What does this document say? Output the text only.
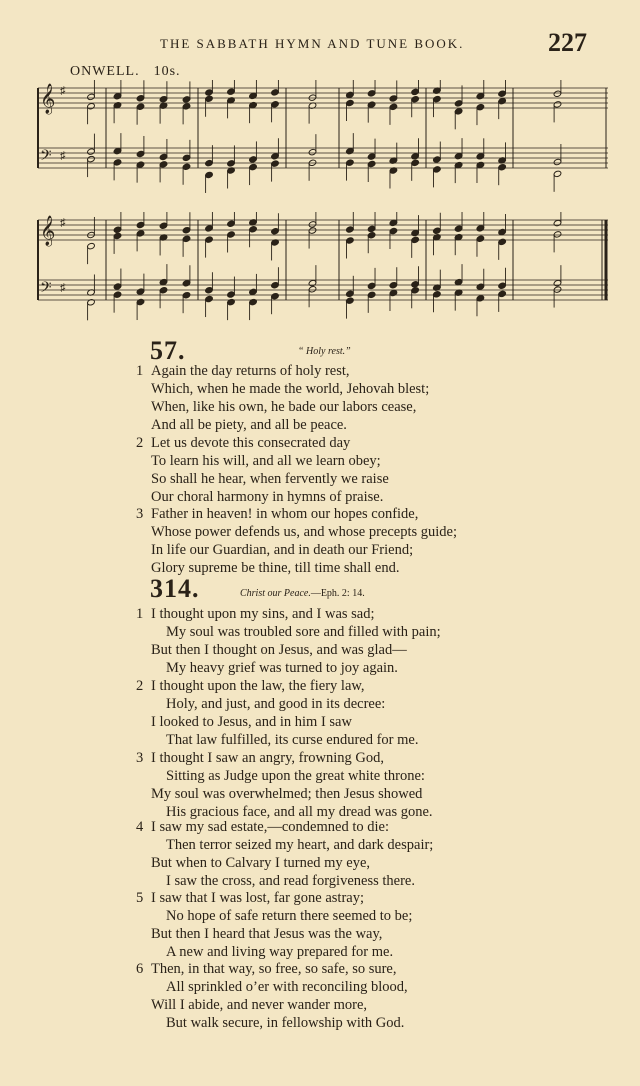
THE SABBATH HYMN AND TUNE BOOK.	227
ONWELL. 10s.
𝄞 ♯
𝄢 ♯
𝄞 ♯
𝄢 ♯
57.	“ Holy rest.”
1 Again the day returns of holy rest,
Which, when he made the world, Jehovah blest;
When, like his own, he bade our labors cease,
And all be piety, and all be peace.
2 Let us devote this consecrated day
To learn his will, and all we learn obey;
So shall he hear, when fervently we raise
Our choral harmony in hymns of praise.
3 Father in heaven! in whom our hopes confide,
Whose power defends us, and whose precepts guide;
In life our Guardian, and in death our Friend;
Glory supreme be thine, till time shall end.
314.	Christ our Peace.—Eph. 2: 14.
1 I thought upon my sins, and I was sad;
My soul was troubled sore and filled with pain;
But then I thought on Jesus, and was glad—
My heavy grief was turned to joy again.
2 I thought upon the law, the fiery law,
Holy, and just, and good in its decree:
I looked to Jesus, and in him I saw
That law fulfilled, its curse endured for me.
3 I thought I saw an angry, frowning God,
Sitting as Judge upon the great white throne:
My soul was overwhelmed; then Jesus showed
His gracious face, and all my dread was gone.
4 I saw my sad estate,—condemned to die:
Then terror seized my heart, and dark despair;
But when to Calvary I turned my eye,
I saw the cross, and read forgiveness there.
5 I saw that I was lost, far gone astray;
No hope of safe return there seemed to be;
But then I heard that Jesus was the way,
A new and living way prepared for me.
6 Then, in that way, so free, so safe, so sure,
All sprinkled o’er with reconciling blood,
Will I abide, and never wander more,
But walk secure, in fellowship with God.
